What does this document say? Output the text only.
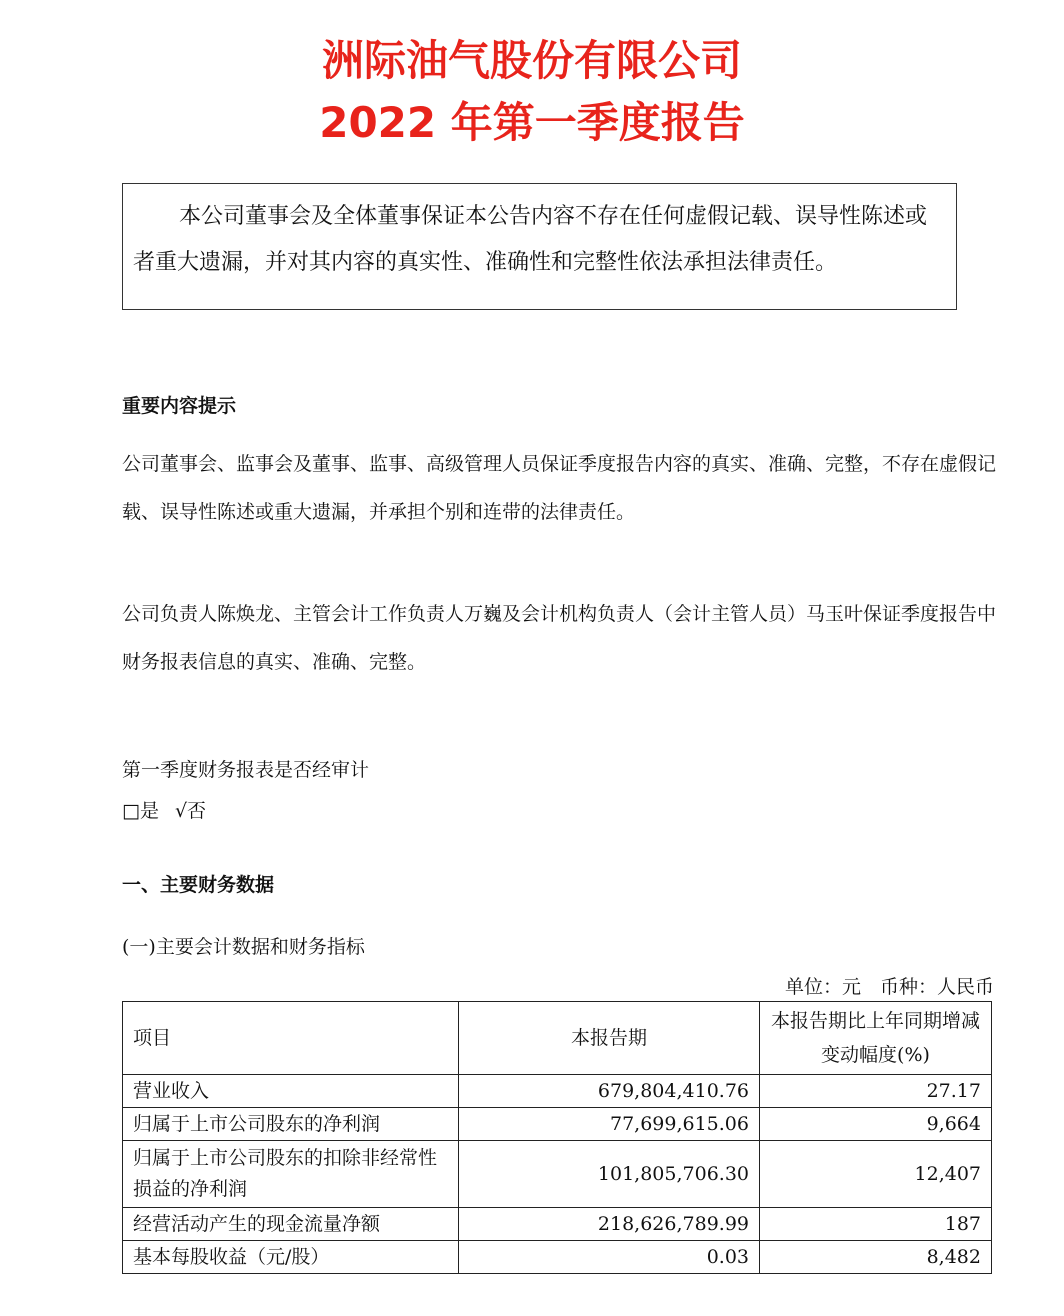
洲际油气股份有限公司
2022 年第一季度报告

本公司董事会及全体董事保证本公告内容不存在任何虚假记载、误导性陈述或者重大遗漏，并对其内容的真实性、准确性和完整性依法承担法律责任。

重要内容提示

公司董事会、监事会及董事、监事、高级管理人员保证季度报告内容的真实、准确、完整，不存在虚假记载、误导性陈述或重大遗漏，并承担个别和连带的法律责任。

公司负责人陈焕龙、主管会计工作负责人万巍及会计机构负责人（会计主管人员）马玉叶保证季度报告中财务报表信息的真实、准确、完整。

第一季度财务报表是否经审计

□是 √否

一、主要财务数据

(一)主要会计数据和财务指标

单位：元　币种：人民币
项目	本报告期	本报告期比上年同期增减变动幅度(%)
营业收入	679,804,410.76	27.17
归属于上市公司股东的净利润	77,699,615.06	9,664
归属于上市公司股东的扣除非经常性损益的净利润	101,805,706.30	12,407
经营活动产生的现金流量净额	218,626,789.99	187
基本每股收益（元/股）	0.03	8,482
